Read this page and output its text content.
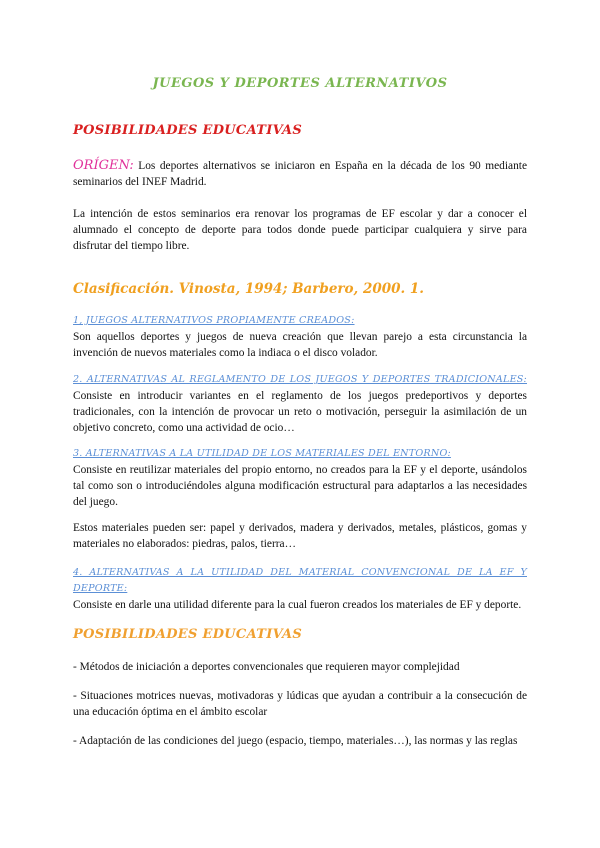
JUEGOS Y DEPORTES ALTERNATIVOS
POSIBILIDADES EDUCATIVAS

ORÍGEN: Los deportes alternativos se iniciaron en España en la década de los 90 mediante seminarios del INEF Madrid.

La intención de estos seminarios era renovar los programas de EF escolar y dar a conocer el alumnado el concepto de deporte para todos donde puede participar cualquiera y sirve para disfrutar del tiempo libre.

Clasificación. Vinosta, 1994; Barbero, 2000. 1.
1, JUEGOS ALTERNATIVOS PROPIAMENTE CREADOS:
Son aquellos deportes y juegos de nueva creación que llevan parejo a esta circunstancia la invención de nuevos materiales como la indiaca o el disco volador.
2. ALTERNATIVAS AL REGLAMENTO DE LOS JUEGOS Y DEPORTES TRADICIONALES:
Consiste en introducir variantes en el reglamento de los juegos predeportivos y deportes tradicionales, con la intención de provocar un reto o motivación, perseguir la asimilación de un objetivo concreto, como una actividad de ocio…
3. ALTERNATIVAS A LA UTILIDAD DE LOS MATERIALES DEL ENTORNO:
Consiste en reutilizar materiales del propio entorno, no creados para la EF y el deporte, usándolos tal como son o introduciéndoles alguna modificación estructural para adaptarlos a las necesidades del juego.

Estos materiales pueden ser: papel y derivados, madera y derivados, metales, plásticos, gomas y materiales no elaborados: piedras, palos, tierra…

4. ALTERNATIVAS A LA UTILIDAD DEL MATERIAL CONVENCIONAL DE LA EF Y DEPORTE:
Consiste en darle una utilidad diferente para la cual fueron creados los materiales de EF y deporte.
POSIBILIDADES EDUCATIVAS

- Métodos de iniciación a deportes convencionales que requieren mayor complejidad

- Situaciones motrices nuevas, motivadoras y lúdicas que ayudan a contribuir a la consecución de una educación óptima en el ámbito escolar

- Adaptación de las condiciones del juego (espacio, tiempo, materiales…), las normas y las reglas
